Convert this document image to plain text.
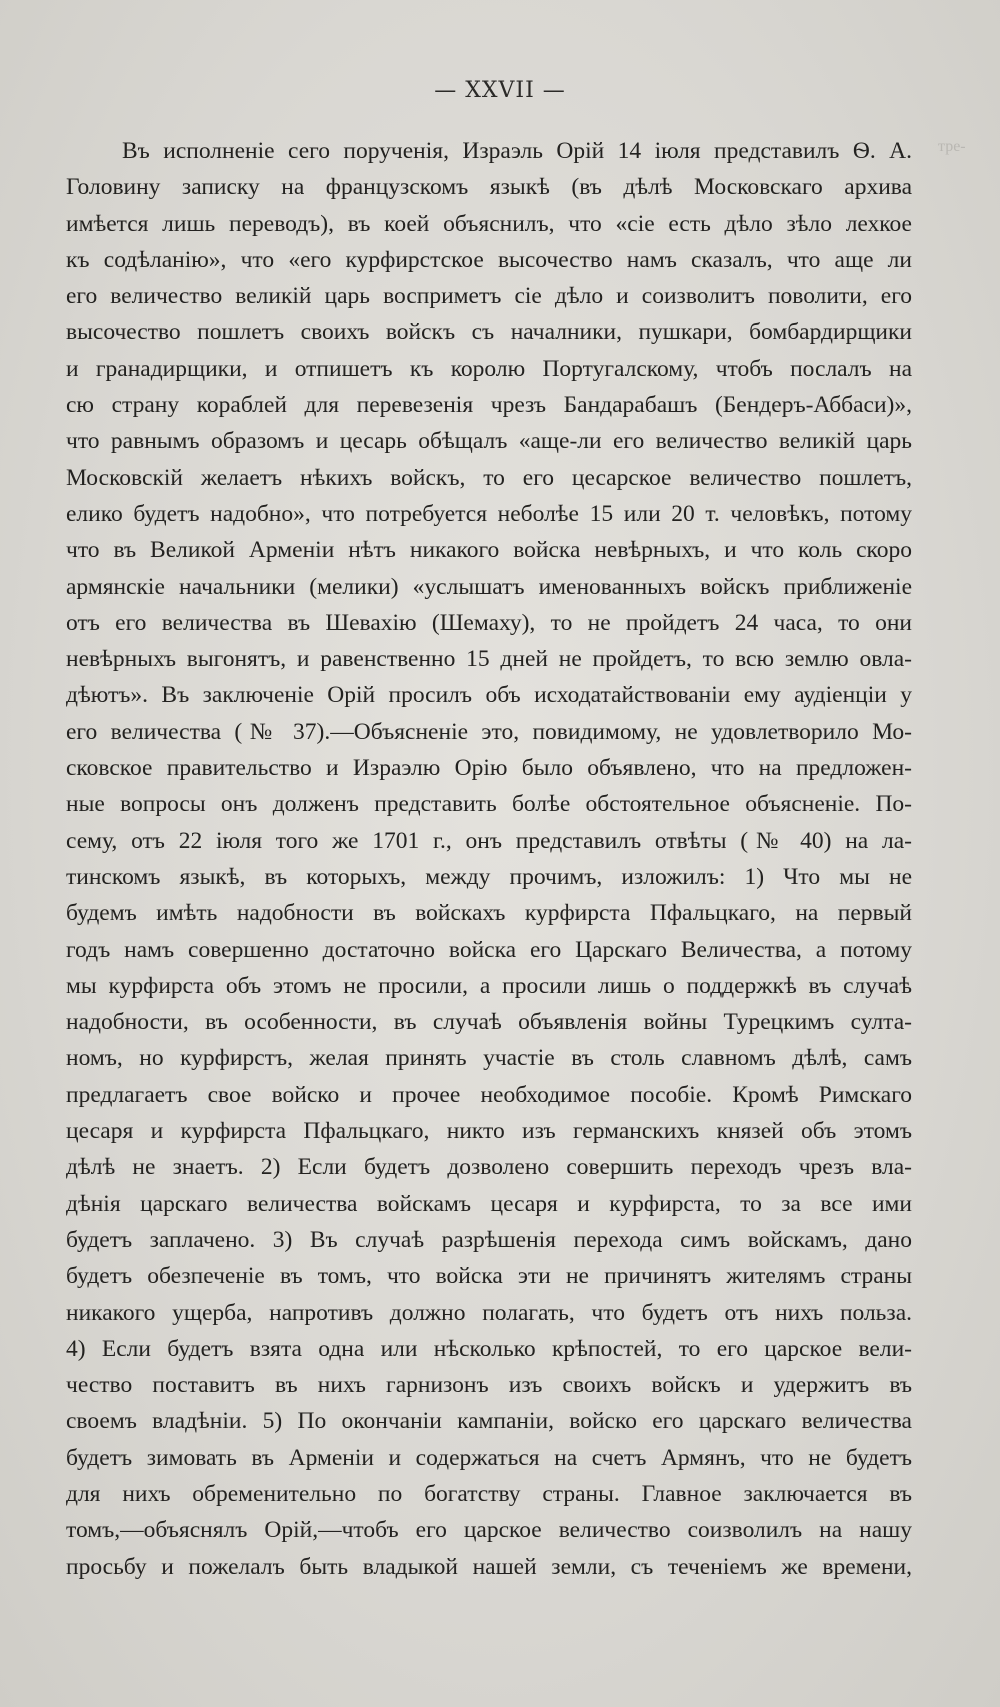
— XXVII —
тре-
Въ исполненіе сего порученія, Израэль Орій 14 іюля представилъ Ѳ. А.
Головину записку на французскомъ языкѣ (въ дѣлѣ Московскаго архива
имѣется лишь переводъ), въ коей объяснилъ, что «сіе есть дѣло зѣло лехкое
къ содѣланію», что «его курфирстское высочество намъ сказалъ, что аще ли
его величество великій царь восприметъ сіе дѣло и соизволитъ поволити, его
высочество пошлетъ своихъ войскъ съ началники, пушкари, бомбардирщики
и гранадирщики, и отпишетъ къ королю Португалскому, чтобъ послалъ на
сю страну кораблей для перевезенія чрезъ Бандарабашъ (Бендеръ-Аббаси)»,
что равнымъ образомъ и цесарь обѣщалъ «аще-ли его величество великій царь
Московскій желаетъ нѣкихъ войскъ, то его цесарское величество пошлетъ,
елико будетъ надобно», что потребуется неболѣе 15 или 20 т. человѣкъ, потому
что въ Великой Арменіи нѣтъ никакого войска невѣрныхъ, и что коль скоро
армянскіе начальники (мелики) «услышатъ именованныхъ войскъ приближеніе
отъ его величества въ Шевахію (Шемаху), то не пройдетъ 24 часа, то они
невѣрныхъ выгонятъ, и равенственно 15 дней не пройдетъ, то всю землю овла-
дѣютъ». Въ заключеніе Орій просилъ объ исходатайствованіи ему аудіенціи у
его величества (№ 37).—Объясненіе это, повидимому, не удовлетворило Мо-
сковское правительство и Израэлю Орію было объявлено, что на предложен-
ные вопросы онъ долженъ представить болѣе обстоятельное объясненіе. По-
сему, отъ 22 іюля того же 1701 г., онъ представилъ отвѣты (№ 40) на ла-
тинскомъ языкѣ, въ которыхъ, между прочимъ, изложилъ: 1) Что мы не
будемъ имѣть надобности въ войскахъ курфирста Пфальцкаго, на первый
годъ намъ совершенно достаточно войска его Царскаго Величества, а потому
мы курфирста объ этомъ не просили, а просили лишь о поддержкѣ въ случаѣ
надобности, въ особенности, въ случаѣ объявленія войны Турецкимъ султа-
номъ, но курфирстъ, желая принять участіе въ столь славномъ дѣлѣ, самъ
предлагаетъ свое войско и прочее необходимое пособіе. Кромѣ Римскаго
цесаря и курфирста Пфальцкаго, никто изъ германскихъ князей объ этомъ
дѣлѣ не знаетъ. 2) Если будетъ дозволено совершить переходъ чрезъ вла-
дѣнія царскаго величества войскамъ цесаря и курфирста, то за все ими
будетъ заплачено. 3) Въ случаѣ разрѣшенія перехода симъ войскамъ, дано
будетъ обезпеченіе въ томъ, что войска эти не причинятъ жителямъ страны
никакого ущерба, напротивъ должно полагать, что будетъ отъ нихъ польза.
4) Если будетъ взята одна или нѣсколько крѣпостей, то его царское вели-
чество поставитъ въ нихъ гарнизонъ изъ своихъ войскъ и удержитъ въ
своемъ владѣніи. 5) По окончаніи кампаніи, войско его царскаго величества
будетъ зимовать въ Арменіи и содержаться на счетъ Армянъ, что не будетъ
для нихъ обременительно по богатству страны. Главное заключается въ
томъ,—объяснялъ Орій,—чтобъ его царское величество соизволилъ на нашу
просьбу и пожелалъ быть владыкой нашей земли, съ теченіемъ же времени,
